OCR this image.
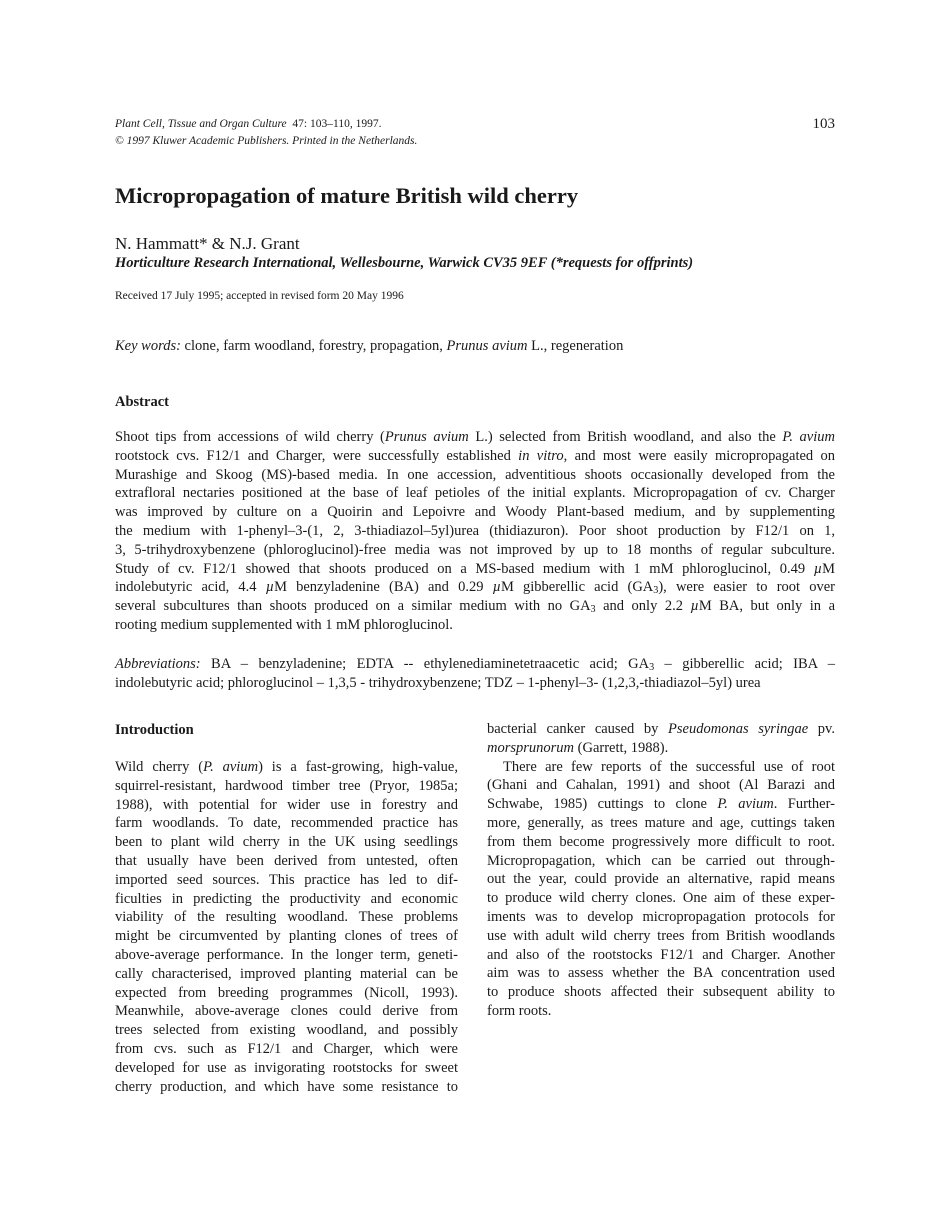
Plant Cell, Tissue and Organ Culture 47: 103–110, 1997.
© 1997 Kluwer Academic Publishers. Printed in the Netherlands.
103
Micropropagation of mature British wild cherry
N. Hammatt* & N.J. Grant
Horticulture Research International, Wellesbourne, Warwick CV35 9EF (*requests for offprints)
Received 17 July 1995; accepted in revised form 20 May 1996
Key words: clone, farm woodland, forestry, propagation, Prunus avium L., regeneration
Abstract
Shoot tips from accessions of wild cherry (Prunus avium L.) selected from British woodland, and also the P. avium
rootstock cvs. F12/1 and Charger, were successfully established in vitro, and most were easily micropropagated on
Murashige and Skoog (MS)-based media. In one accession, adventitious shoots occasionally developed from the
extrafloral nectaries positioned at the base of leaf petioles of the initial explants. Micropropagation of cv. Charger
was improved by culture on a Quoirin and Lepoivre and Woody Plant-based medium, and by supplementing
the medium with 1-phenyl–3-(1, 2, 3-thiadiazol–5yl)urea (thidiazuron). Poor shoot production by F12/1 on 1,
3, 5-trihydroxybenzene (phloroglucinol)-free media was not improved by up to 18 months of regular subculture.
Study of cv. F12/1 showed that shoots produced on a MS-based medium with 1 mM phloroglucinol, 0.49 µM
indolebutyric acid, 4.4 µM benzyladenine (BA) and 0.29 µM gibberellic acid $(GA_3)$, were easier to root over
several subcultures than shoots produced on a similar medium with no $GA_3$ and only 2.2 µM BA, but only in a
rooting medium supplemented with 1 mM phloroglucinol.
Abbreviations: BA – benzyladenine; EDTA -- ethylenediaminetetraacetic acid; $GA_3$ – gibberellic acid; IBA –
indolebutyric acid; phloroglucinol – 1,3,5 - trihydroxybenzene; TDZ – 1-phenyl–3- (1,2,3,-thiadiazol–5yl) urea
Introduction
Wild cherry (P. avium) is a fast-growing, high-value,
squirrel-resistant, hardwood timber tree (Pryor, 1985a;
1988), with potential for wider use in forestry and
farm woodlands. To date, recommended practice has
been to plant wild cherry in the UK using seedlings
that usually have been derived from untested, often
imported seed sources. This practice has led to dif-
ficulties in predicting the productivity and economic
viability of the resulting woodland. These problems
might be circumvented by planting clones of trees of
above-average performance. In the longer term, geneti-
cally characterised, improved planting material can be
expected from breeding programmes (Nicoll, 1993).
Meanwhile, above-average clones could derive from
trees selected from existing woodland, and possibly
from cvs. such as F12/1 and Charger, which were
developed for use as invigorating rootstocks for sweet
cherry production, and which have some resistance to
bacterial canker caused by Pseudomonas syringae pv.
morsprunorum (Garrett, 1988).
There are few reports of the successful use of root
(Ghani and Cahalan, 1991) and shoot (Al Barazi and
Schwabe, 1985) cuttings to clone P. avium. Further-
more, generally, as trees mature and age, cuttings taken
from them become progressively more difficult to root.
Micropropagation, which can be carried out through-
out the year, could provide an alternative, rapid means
to produce wild cherry clones. One aim of these exper-
iments was to develop micropropagation protocols for
use with adult wild cherry trees from British woodlands
and also of the rootstocks F12/1 and Charger. Another
aim was to assess whether the BA concentration used
to produce shoots affected their subsequent ability to
form roots.
